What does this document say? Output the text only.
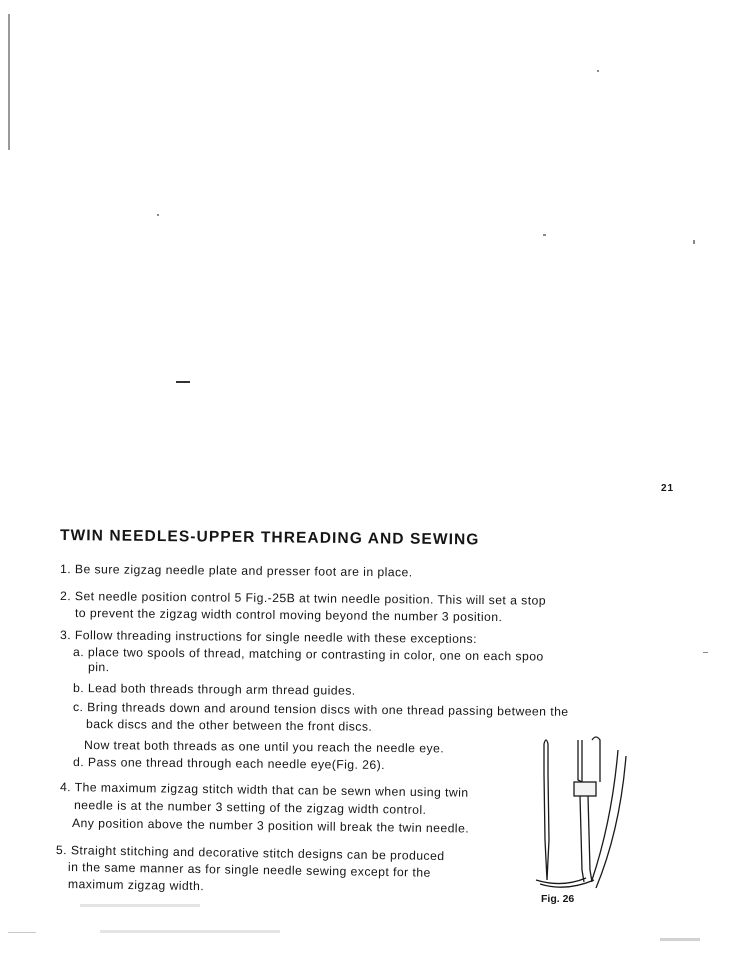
21
TWIN NEEDLES-UPPER THREADING AND SEWING
1. Be sure zigzag needle plate and presser foot are in place.
2. Set needle position control 5 Fig.-25B at twin needle position. This will set a stop
to prevent the zigzag width control moving beyond the number 3 position.
3. Follow threading instructions for single needle with these exceptions:
a. place two spools of thread, matching or contrasting in color, one on each spoo
pin.
b. Lead both threads through arm thread guides.
c. Bring threads down and around tension discs with one thread passing between the
back discs and the other between the front discs.
Now treat both threads as one until you reach the needle eye.
d. Pass one thread through each needle eye(Fig. 26).
4. The maximum zigzag stitch width that can be sewn when using twin
needle is at the number 3 setting of the zigzag width control.
Any position above the number 3 position will break the twin needle.
5. Straight stitching and decorative stitch designs can be produced
in the same manner as for single needle sewing except for the
maximum zigzag width.
Fig. 26
